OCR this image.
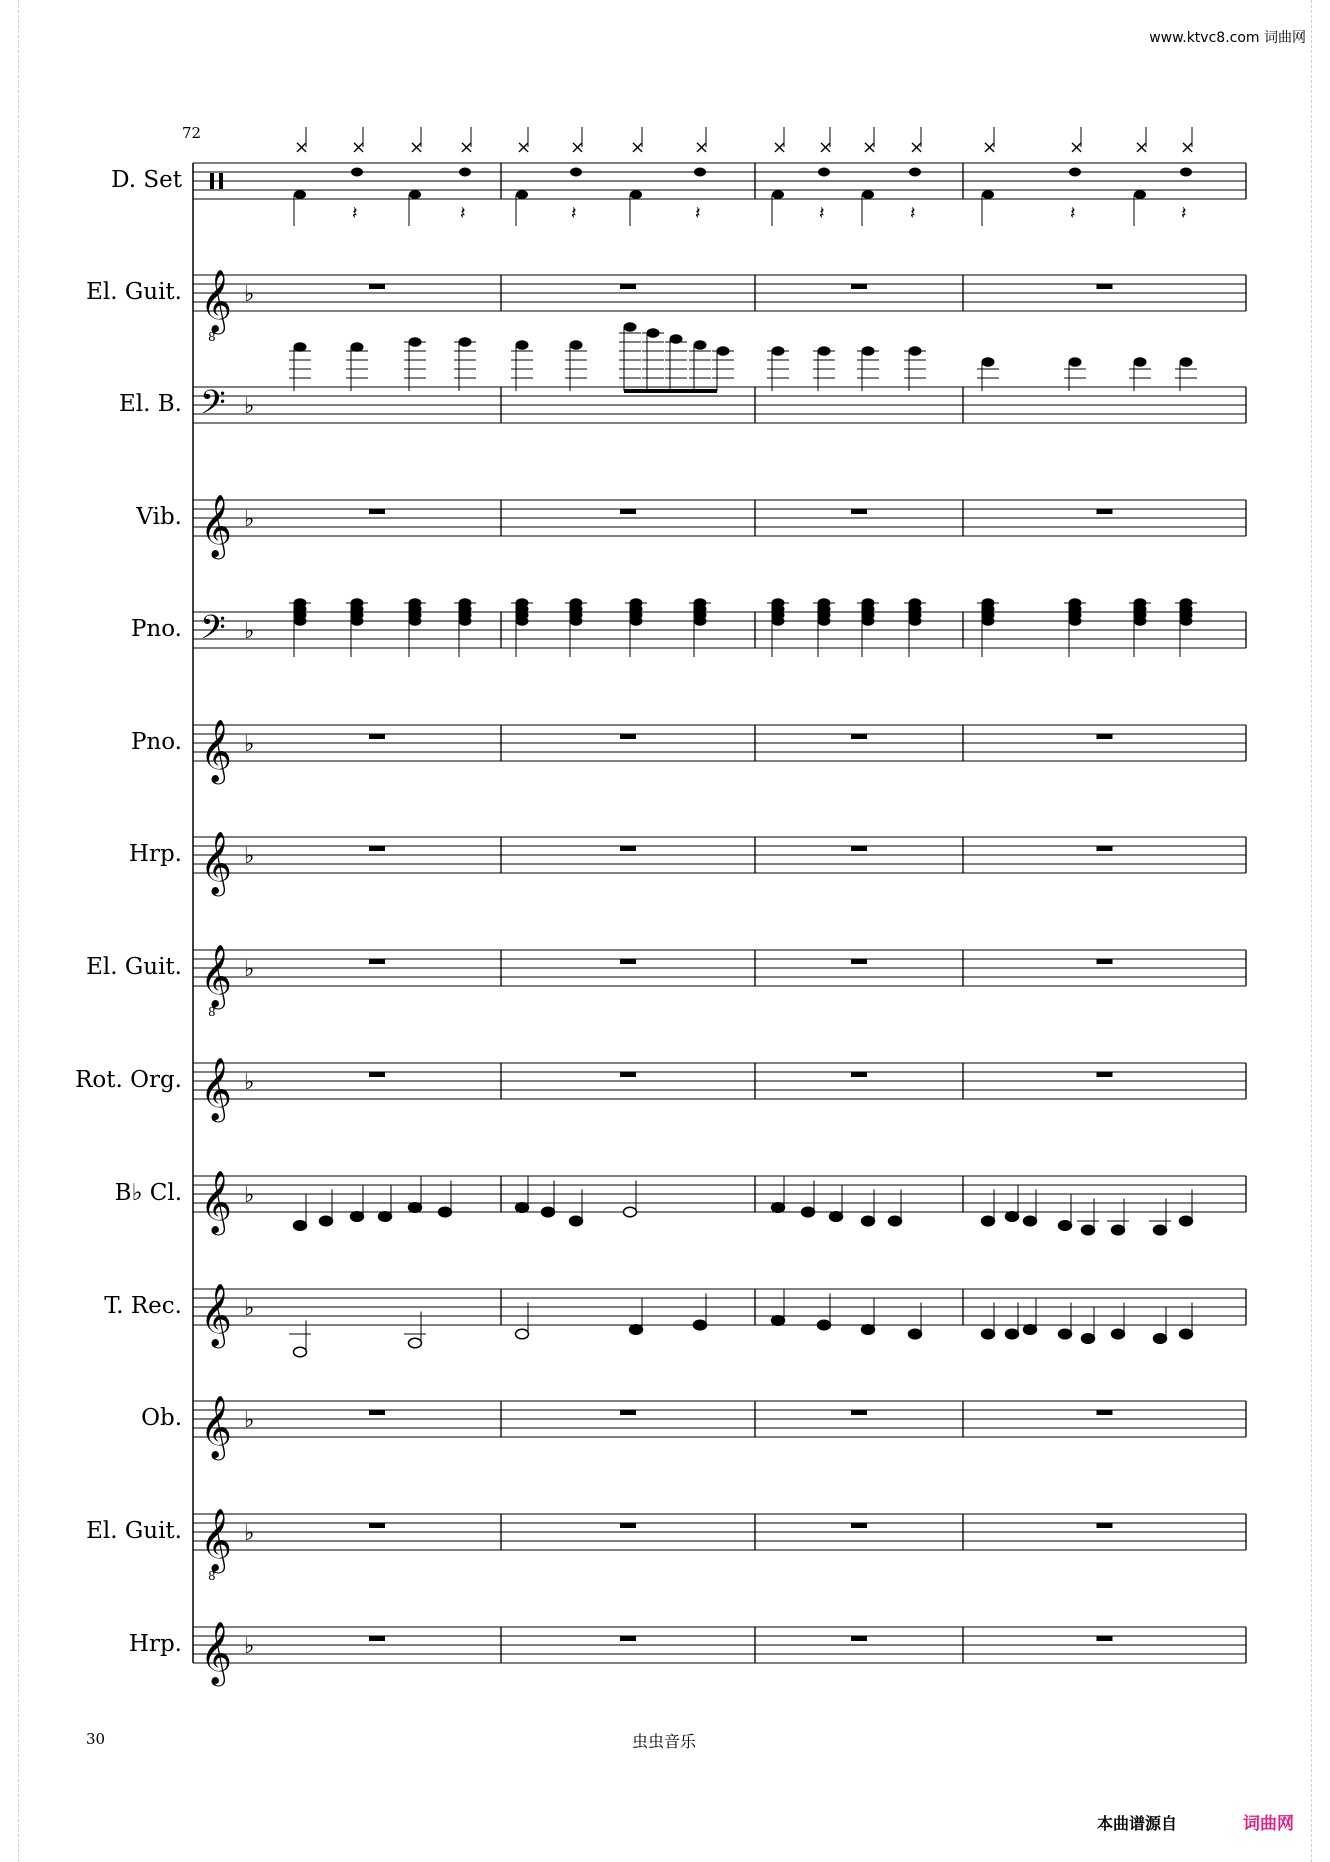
www.ktvc8.com 词曲网
72
D. Set
El. Guit.
El. B.
Vib.
Pno.
Pno.
Hrp.
El. Guit.
Rot. Org.
B♭ Cl.
T. Rec.
Ob.
El. Guit.
Hrp.
× ×
𝄽
× ×
𝄽
× ×
𝄽
×	×
𝄽
× ×
𝄽
× ×
𝄽
×	×
𝄽
× ×
𝄽
𝄞
8
♭
𝄢 ♭
𝄞 ♭
𝄢 ♭
𝄞 ♭
𝄞 ♭
𝄞
8
♭
𝄞 ♭
𝄞 ♭
𝄞 ♭
𝄞 ♭
𝄞
8
♭
𝄞 ♭
30	虫虫音乐
本曲谱源自	词曲网
